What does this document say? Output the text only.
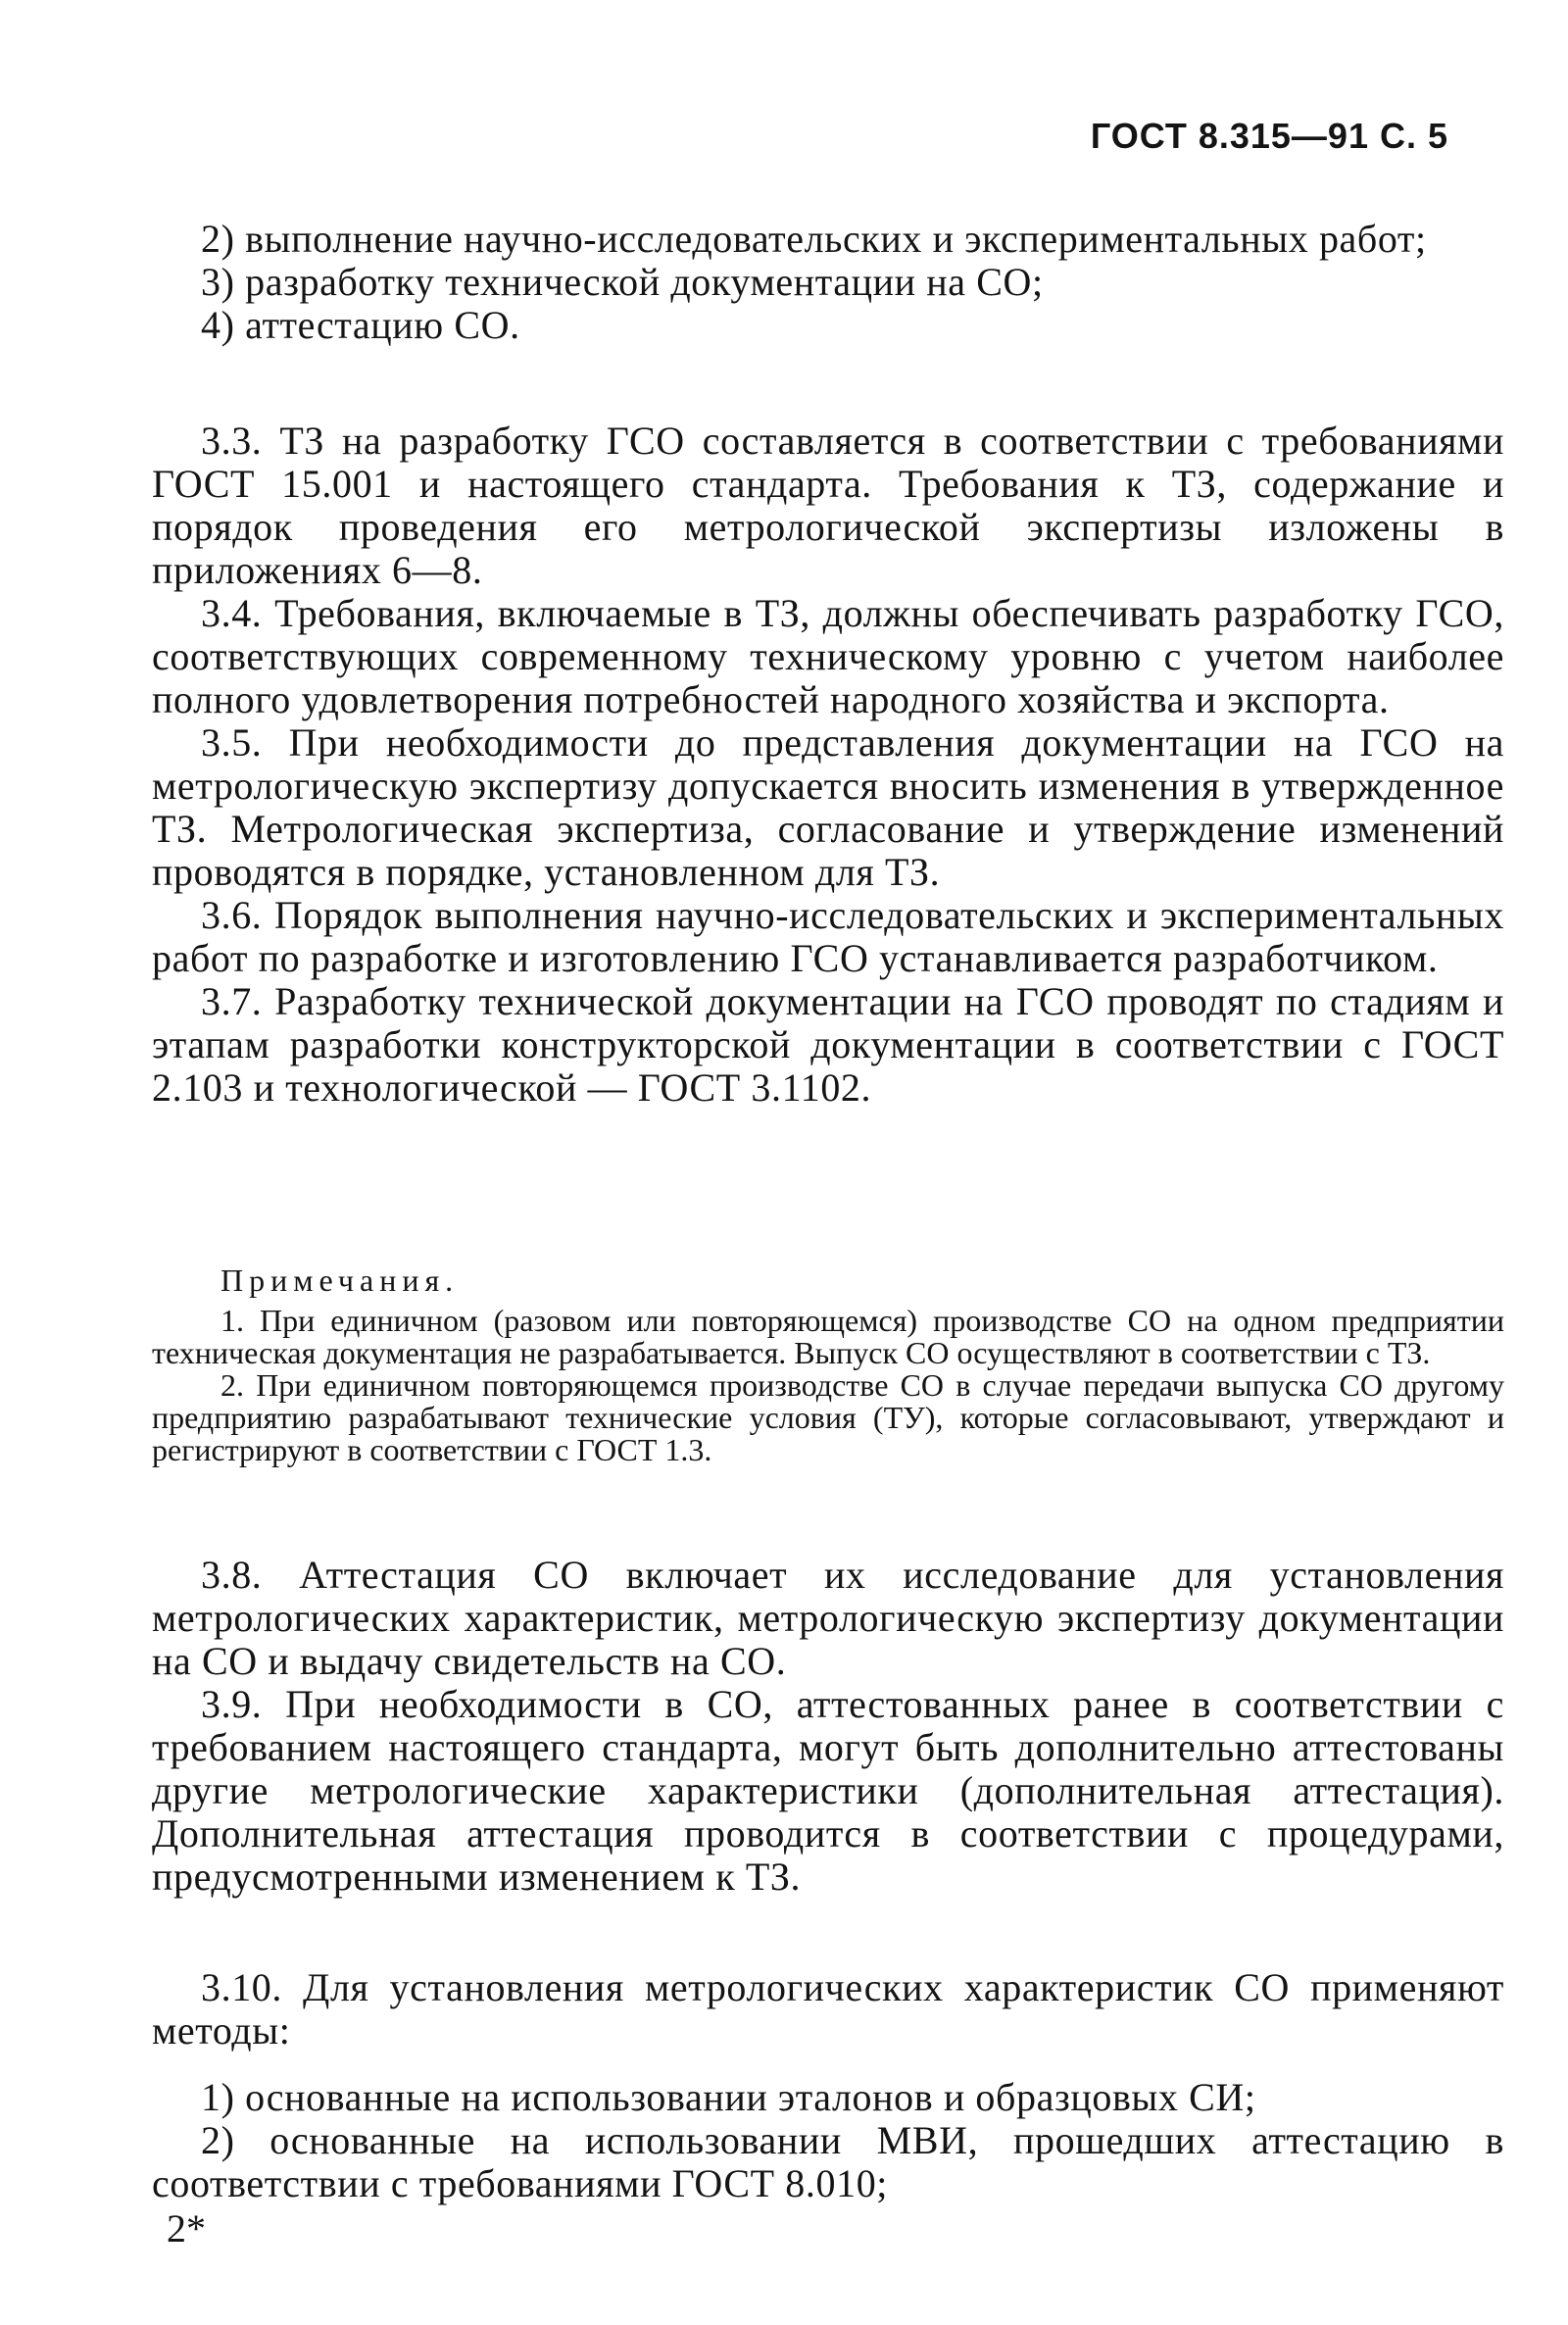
ГОСТ 8.315—91 С. 5

2) выполнение научно-исследовательских и экспериментальных работ;

3) разработку технической документации на СО;

4) аттестацию СО.

3.3. ТЗ на разработку ГСО составляется в соответствии с требованиями ГОСТ 15.001 и настоящего стандарта. Требования к ТЗ, содержание и порядок проведения его метрологической экспертизы изложены в приложениях 6—8.

3.4. Требования, включаемые в ТЗ, должны обеспечивать разработку ГСО, соответствующих современному техническому уровню с учетом наиболее полного удовлетворения потребностей народного хозяйства и экспорта.

3.5. При необходимости до представления документации на ГСО на метрологическую экспертизу допускается вносить изменения в утвержденное ТЗ. Метрологическая экспертиза, согласование и утверждение изменений проводятся в порядке, установленном для ТЗ.

3.6. Порядок выполнения научно-исследовательских и экспериментальных работ по разработке и изготовлению ГСО устанавливается разработчиком.

3.7. Разработку технической документации на ГСО проводят по стадиям и этапам разработки конструкторской документации в соответствии с ГОСТ 2.103 и технологической — ГОСТ 3.1102.

Примечания.

1. При единичном (разовом или повторяющемся) производстве СО на одном предприятии техническая документация не разрабатывается. Выпуск СО осуществляют в соответствии с ТЗ.

2. При единичном повторяющемся производстве СО в случае передачи выпуска СО другому предприятию разрабатывают технические условия (ТУ), которые согласовывают, утверждают и регистрируют в соответствии с ГОСТ 1.3.

3.8. Аттестация СО включает их исследование для установления метрологических характеристик, метрологическую экспертизу документации на СО и выдачу свидетельств на СО.

3.9. При необходимости в СО, аттестованных ранее в соответствии с требованием настоящего стандарта, могут быть дополнительно аттестованы другие метрологические характеристики (дополнительная аттестация). Дополнительная аттестация проводится в соответствии с процедурами, предусмотренными изменением к ТЗ.

3.10. Для установления метрологических характеристик СО применяют методы:

1) основанные на использовании эталонов и образцовых СИ;

2) основанные на использовании МВИ, прошедших аттестацию в соответствии с требованиями ГОСТ 8.010;

2*
